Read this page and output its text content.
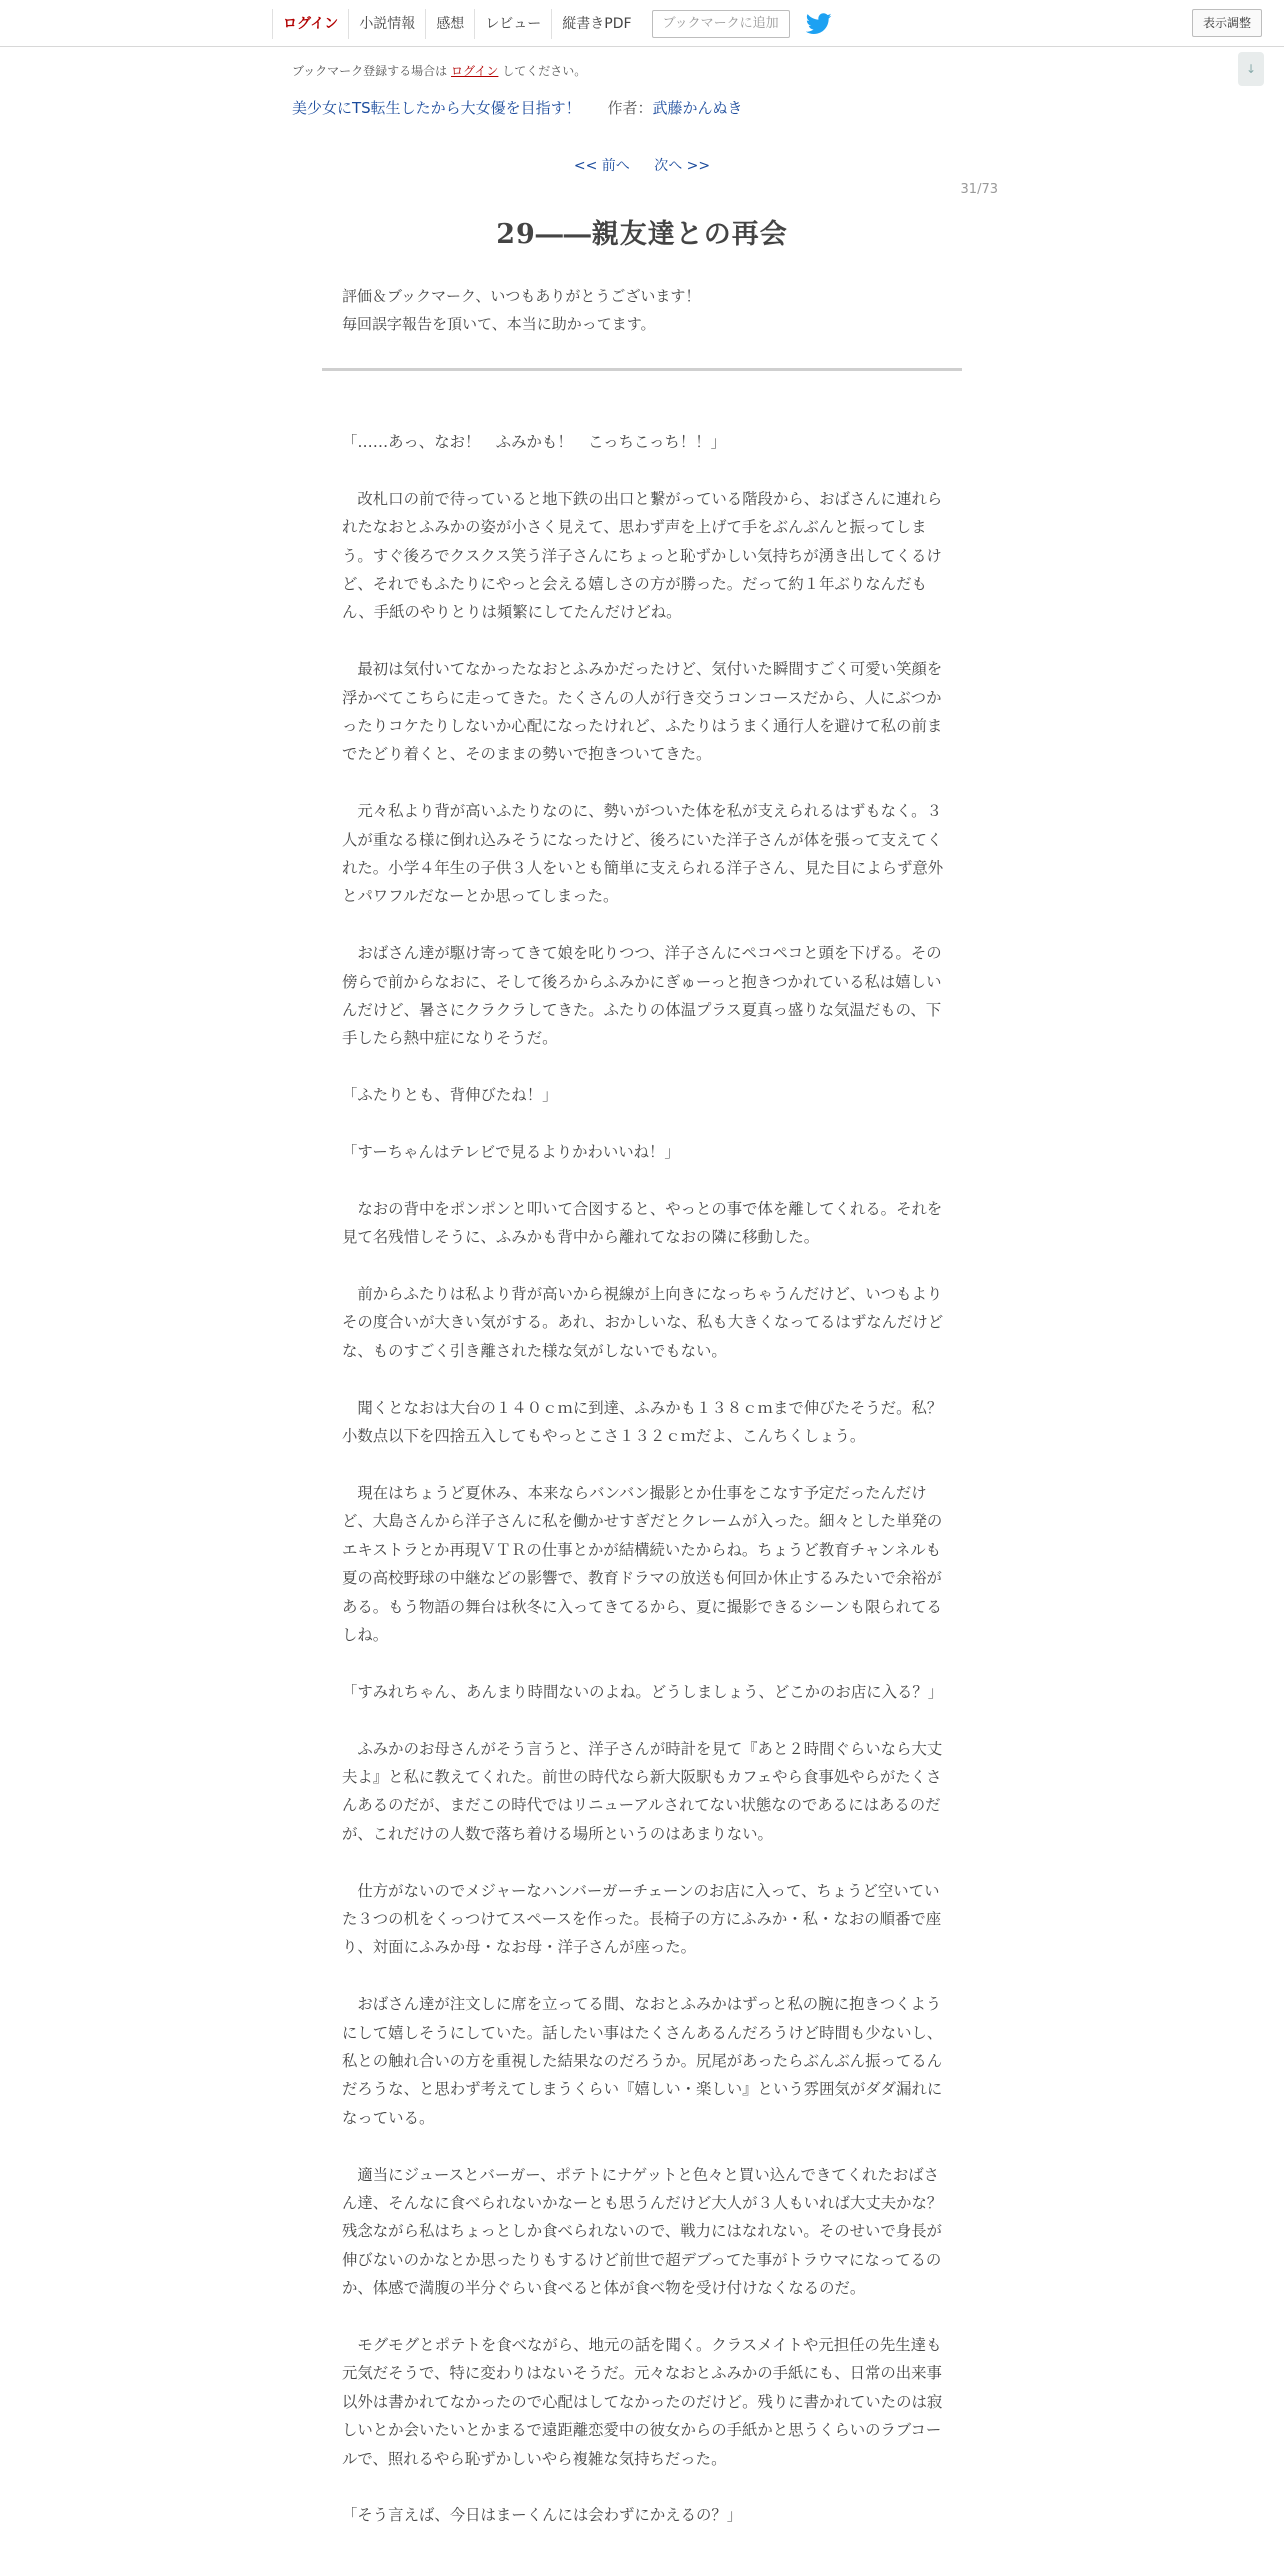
ログイン	小説情報	感想	レビュー	縦書きPDF	ブックマークに追加	表示調整
↓
ブックマーク登録する場合は ログイン してください。
美少女にTS転生したから大女優を目指す！ 作者：武藤かんぬき
<< 前へ 次へ >>
31/73
29――親友達との再会

評価＆ブックマーク、いつもありがとうございます！

毎回誤字報告を頂いて、本当に助かってます。

「……あっ、なお！　ふみかも！　こっちこっち！！」

　改札口の前で待っていると地下鉄の出口と繋がっている階段から、おばさんに連れられたなおとふみかの姿が小さく見えて、思わず声を上げて手をぶんぶんと振ってしまう。すぐ後ろでクスクス笑う洋子さんにちょっと恥ずかしい気持ちが湧き出してくるけど、それでもふたりにやっと会える嬉しさの方が勝った。だって約１年ぶりなんだもん、手紙のやりとりは頻繁にしてたんだけどね。

　最初は気付いてなかったなおとふみかだったけど、気付いた瞬間すごく可愛い笑顔を浮かべてこちらに走ってきた。たくさんの人が行き交うコンコースだから、人にぶつかったりコケたりしないか心配になったけれど、ふたりはうまく通行人を避けて私の前までたどり着くと、そのままの勢いで抱きついてきた。

　元々私より背が高いふたりなのに、勢いがついた体を私が支えられるはずもなく。３人が重なる様に倒れ込みそうになったけど、後ろにいた洋子さんが体を張って支えてくれた。小学４年生の子供３人をいとも簡単に支えられる洋子さん、見た目によらず意外とパワフルだなーとか思ってしまった。

　おばさん達が駆け寄ってきて娘を叱りつつ、洋子さんにペコペコと頭を下げる。その傍らで前からなおに、そして後ろからふみかにぎゅーっと抱きつかれている私は嬉しいんだけど、暑さにクラクラしてきた。ふたりの体温プラス夏真っ盛りな気温だもの、下手したら熱中症になりそうだ。

「ふたりとも、背伸びたね！」

「すーちゃんはテレビで見るよりかわいいね！」

　なおの背中をポンポンと叩いて合図すると、やっとの事で体を離してくれる。それを見て名残惜しそうに、ふみかも背中から離れてなおの隣に移動した。

　前からふたりは私より背が高いから視線が上向きになっちゃうんだけど、いつもよりその度合いが大きい気がする。あれ、おかしいな、私も大きくなってるはずなんだけどな、ものすごく引き離された様な気がしないでもない。

　聞くとなおは大台の１４０ｃｍに到達、ふみかも１３８ｃｍまで伸びたそうだ。私？　小数点以下を四捨五入してもやっとこさ１３２ｃｍだよ、こんちくしょう。

　現在はちょうど夏休み、本来ならバンバン撮影とか仕事をこなす予定だったんだけど、大島さんから洋子さんに私を働かせすぎだとクレームが入った。細々とした単発のエキストラとか再現ＶＴＲの仕事とかが結構続いたからね。ちょうど教育チャンネルも夏の高校野球の中継などの影響で、教育ドラマの放送も何回か休止するみたいで余裕がある。もう物語の舞台は秋冬に入ってきてるから、夏に撮影できるシーンも限られてるしね。

「すみれちゃん、あんまり時間ないのよね。どうしましょう、どこかのお店に入る？」

　ふみかのお母さんがそう言うと、洋子さんが時計を見て『あと２時間ぐらいなら大丈夫よ』と私に教えてくれた。前世の時代なら新大阪駅もカフェやら食事処やらがたくさんあるのだが、まだこの時代ではリニューアルされてない状態なのであるにはあるのだが、これだけの人数で落ち着ける場所というのはあまりない。

　仕方がないのでメジャーなハンバーガーチェーンのお店に入って、ちょうど空いていた３つの机をくっつけてスペースを作った。長椅子の方にふみか・私・なおの順番で座り、対面にふみか母・なお母・洋子さんが座った。

　おばさん達が注文しに席を立ってる間、なおとふみかはずっと私の腕に抱きつくようにして嬉しそうにしていた。話したい事はたくさんあるんだろうけど時間も少ないし、私との触れ合いの方を重視した結果なのだろうか。尻尾があったらぶんぶん振ってるんだろうな、と思わず考えてしまうくらい『嬉しい・楽しい』という雰囲気がダダ漏れになっている。

　適当にジュースとバーガー、ポテトにナゲットと色々と買い込んできてくれたおばさん達、そんなに食べられないかなーとも思うんだけど大人が３人もいれば大丈夫かな？　残念ながら私はちょっとしか食べられないので、戦力にはなれない。そのせいで身長が伸びないのかなとか思ったりもするけど前世で超デブってた事がトラウマになってるのか、体感で満腹の半分ぐらい食べると体が食べ物を受け付けなくなるのだ。

　モグモグとポテトを食べながら、地元の話を聞く。クラスメイトや元担任の先生達も元気だそうで、特に変わりはないそうだ。元々なおとふみかの手紙にも、日常の出来事以外は書かれてなかったので心配はしてなかったのだけど。残りに書かれていたのは寂しいとか会いたいとかまるで遠距離恋愛中の彼女からの手紙かと思うくらいのラブコールで、照れるやら恥ずかしいやら複雑な気持ちだった。

「そう言えば、今日はまーくんには会わずにかえるの？」
